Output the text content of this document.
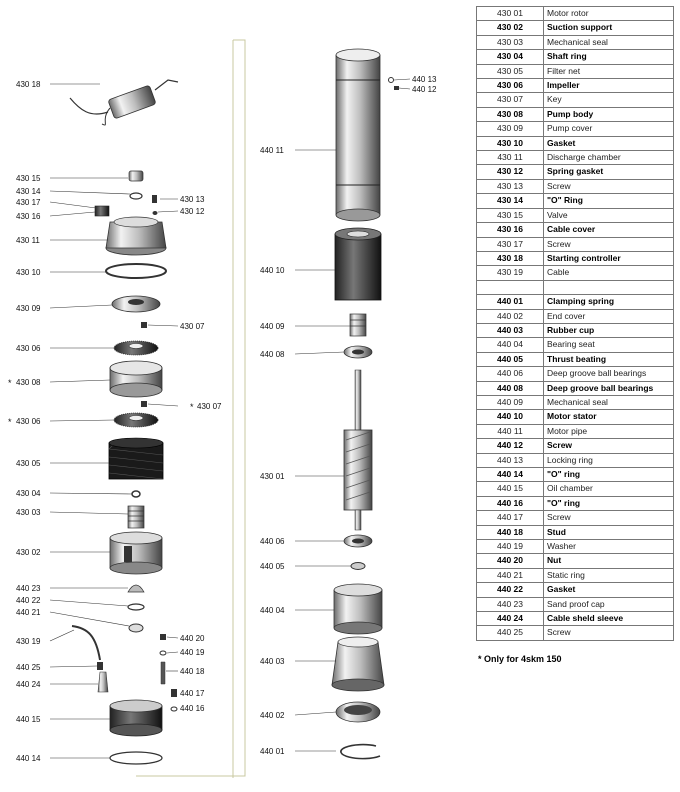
430 18
430 15
430 14
430 17
430 16
430 13
430 12
430 11
430 10
430 09
430 07
430 06
* 430 08
* 430 07
* 430 06
430 05
430 04
430 03
430 02
440 23
440 22
440 21
430 19	440 20
440 19
440 25	440 18
440 24
440 17
440 16
440 15
440 14
440 13
440 12
440 11
440 10
440 09
440 08
430 01
440 06
440 05
440 04
440 03
440 02
440 01
430 01	Motor rotor
430 02	Suction support
430 03	Mechanical seal
430 04	Shaft ring
430 05	Filter net
430 06	Impeller
430 07	Key
430 08	Pump body
430 09	Pump cover
430 10	Gasket
430 11	Discharge chamber
430 12	Spring gasket
430 13	Screw
430 14	"O" Ring
430 15	Valve
430 16	Cable cover
430 17	Screw
430 18	Starting controller
430 19	Cable

440 01	Clamping spring
440 02	End cover
440 03	Rubber cup
440 04	Bearing seat
440 05	Thrust beating
440 06	Deep groove ball bearings
440 08	Deep groove ball bearings
440 09	Mechanical seal
440 10	Motor stator
440 11	Motor pipe
440 12	Screw
440 13	Locking ring
440 14	"O" ring
440 15	Oil chamber
440 16	"O" ring
440 17	Screw
440 18	Stud
440 19	Washer
440 20	Nut
440 21	Static ring
440 22	Gasket
440 23	Sand proof cap
440 24	Cable sheld sleeve
440 25	Screw
* Only for 4skm 150
